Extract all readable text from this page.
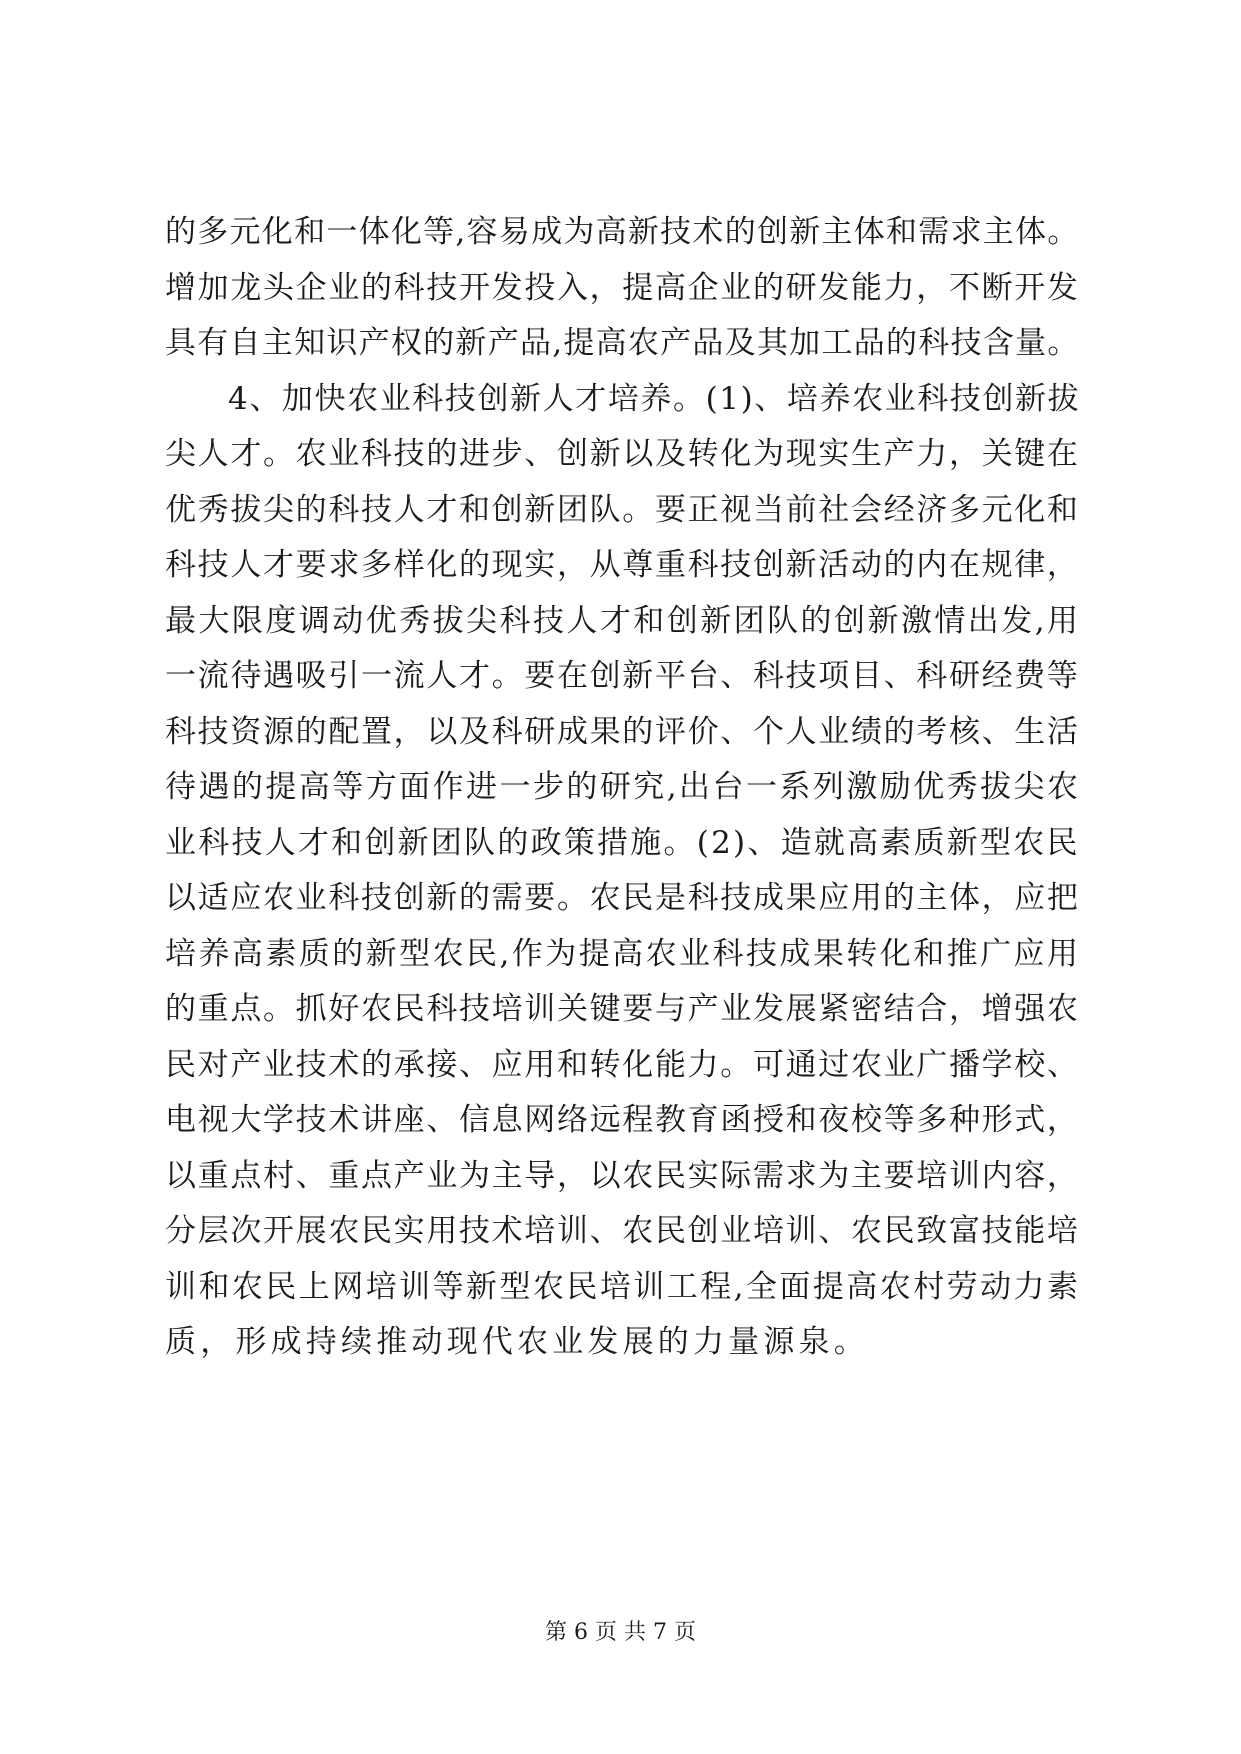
的多元化和一体化等,容易成为高新技术的创新主体和需求主体。
增加龙头企业的科技开发投入，提高企业的研发能力，不断开发
具有自主知识产权的新产品,提高农产品及其加工品的科技含量。
4、加快农业科技创新人才培养。(1)、培养农业科技创新拔
尖人才。农业科技的进步、创新以及转化为现实生产力，关键在
优秀拔尖的科技人才和创新团队。要正视当前社会经济多元化和
科技人才要求多样化的现实，从尊重科技创新活动的内在规律，
最大限度调动优秀拔尖科技人才和创新团队的创新激情出发,用
一流待遇吸引一流人才。要在创新平台、科技项目、科研经费等
科技资源的配置，以及科研成果的评价、个人业绩的考核、生活
待遇的提高等方面作进一步的研究,出台一系列激励优秀拔尖农
业科技人才和创新团队的政策措施。(2)、造就高素质新型农民
以适应农业科技创新的需要。农民是科技成果应用的主体，应把
培养高素质的新型农民,作为提高农业科技成果转化和推广应用
的重点。抓好农民科技培训关键要与产业发展紧密结合，增强农
民对产业技术的承接、应用和转化能力。可通过农业广播学校、
电视大学技术讲座、信息网络远程教育函授和夜校等多种形式，
以重点村、重点产业为主导，以农民实际需求为主要培训内容，
分层次开展农民实用技术培训、农民创业培训、农民致富技能培
训和农民上网培训等新型农民培训工程,全面提高农村劳动力素
质，形成持续推动现代农业发展的力量源泉。
第 6 页 共 7 页
